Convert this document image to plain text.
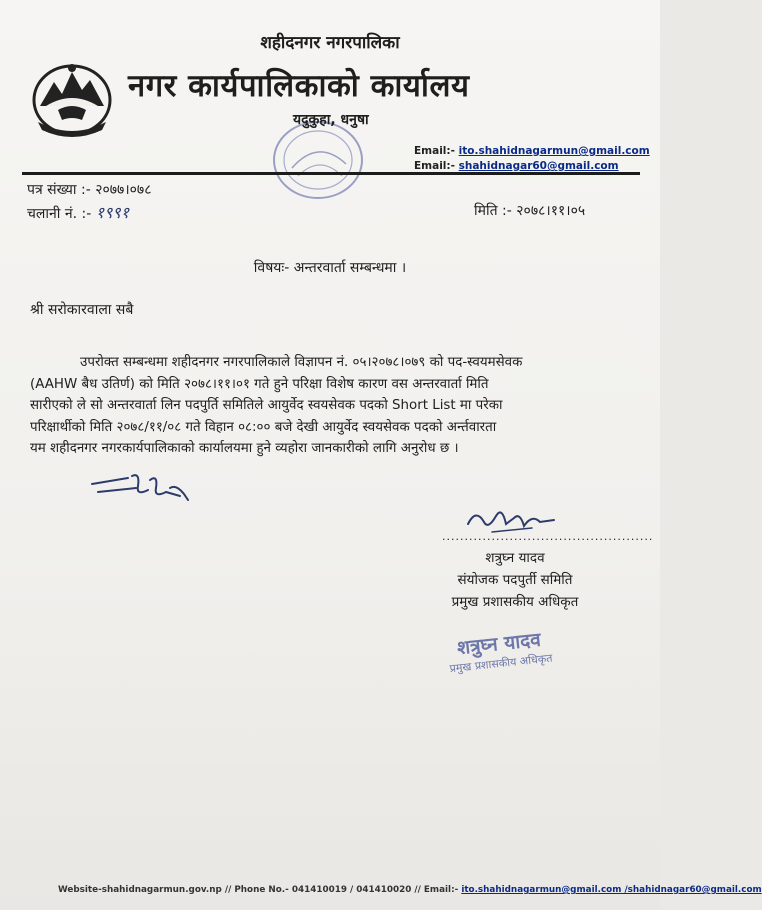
शहीदनगर नगरपालिका
नगर कार्यपालिकाको कार्यालय
यदुकुहा, धनुषा
Email:- ito.shahidnagarmun@gmail.com
Email:- shahidnagar60@gmail.com
पत्र संख्या :- २०७७।०७८
चलानी नं. :- १९९१	मिति :- २०७८।११।०५
विषयः- अन्तरवार्ता सम्बन्धमा ।
श्री सरोकारवाला सबै

उपरोक्त सम्बन्धमा शहीदनगर नगरपालिकाले विज्ञापन नं. ०५।२०७८।०७९ को पद-स्वयमसेवक

(AAHW बैध उतिर्ण) को मिति २०७८।११।०१ गते हुने परिक्षा विशेष कारण वस अन्तरवार्ता मिति

सारीएको ले सो अन्तरवार्ता लिन पदपुर्ति समितिले आयुर्वेद स्वयसेवक पदको Short List मा परेका

परिक्षार्थीको मिति २०७८/११/०८ गते विहान ०८:०० बजे देखी आयुर्वेद स्वयसेवक पदको अर्न्तवारता

यम शहीदनगर नगरकार्यपालिकाको कार्यालयमा हुने व्यहोरा जानकारीको लागि अनुरोध छ ।

...............................................
शत्रुघ्न यादव
संयोजक पदपुर्ती समिति
प्रमुख प्रशासकीय अधिकृत
शत्रुघ्न यादव
प्रमुख प्रशासकीय अधिकृत
Website-shahidnagarmun.gov.np // Phone No.- 041410019 / 041410020 // Email:- ito.shahidnagarmun@gmail.com /shahidnagar60@gmail.com
